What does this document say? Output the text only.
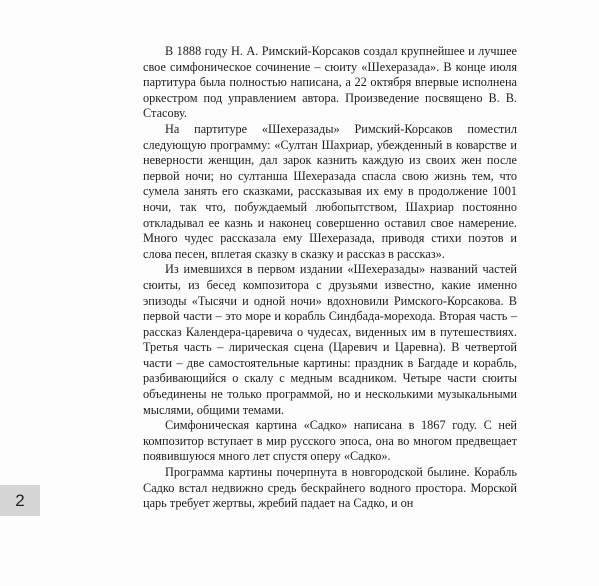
В 1888 году Н. А. Римский-Корсаков создал крупнейшее и лучшее свое симфоническое сочинение – сюиту «Шехеразада». В конце июля партитура была полностью написана, а 22 октября впервые исполнена оркестром под управлением автора. Произведение посвящено В. В. Стасову.

На партитуре «Шехеразады» Римский-Корсаков поместил следующую программу: «Султан Шахриар, убежденный в коварстве и неверности женщин, дал зарок казнить каждую из своих жен после первой ночи; но султанша Шехеразада спасла свою жизнь тем, что сумела занять его сказками, рассказывая их ему в продолжение 1001 ночи, так что, побуждаемый любопытством, Шахриар постоянно откладывал ее казнь и наконец совершенно оставил свое намерение. Много чудес рассказала ему Шехеразада, приводя стихи поэтов и слова песен, вплетая сказку в сказку и рассказ в рассказ».

Из имевшихся в первом издании «Шехеразады» названий частей сюиты, из бесед композитора с друзьями известно, какие именно эпизоды «Тысячи и одной ночи» вдохновили Римского-Корсакова. В первой части – это море и корабль Синдбада-морехода. Вторая часть – рассказ Календера-царевича о чудесах, виденных им в путешествиях. Третья часть – лирическая сцена (Царевич и Царевна). В четвертой части – две самостоятельные картины: праздник в Багдаде и корабль, разбивающийся о скалу с медным всадником. Четыре части сюиты объединены не только программой, но и несколькими музыкальными мыслями, общими темами.

Симфоническая картина «Садко» написана в 1867 году. С ней композитор вступает в мир русского эпоса, она во многом предвещает появившуюся много лет спустя оперу «Садко».

Программа картины почерпнута в новгородской былине. Корабль Садко встал недвижно средь бескрайнего водного простора. Морской царь требует жертвы, жребий падает на Садко, и он

2
